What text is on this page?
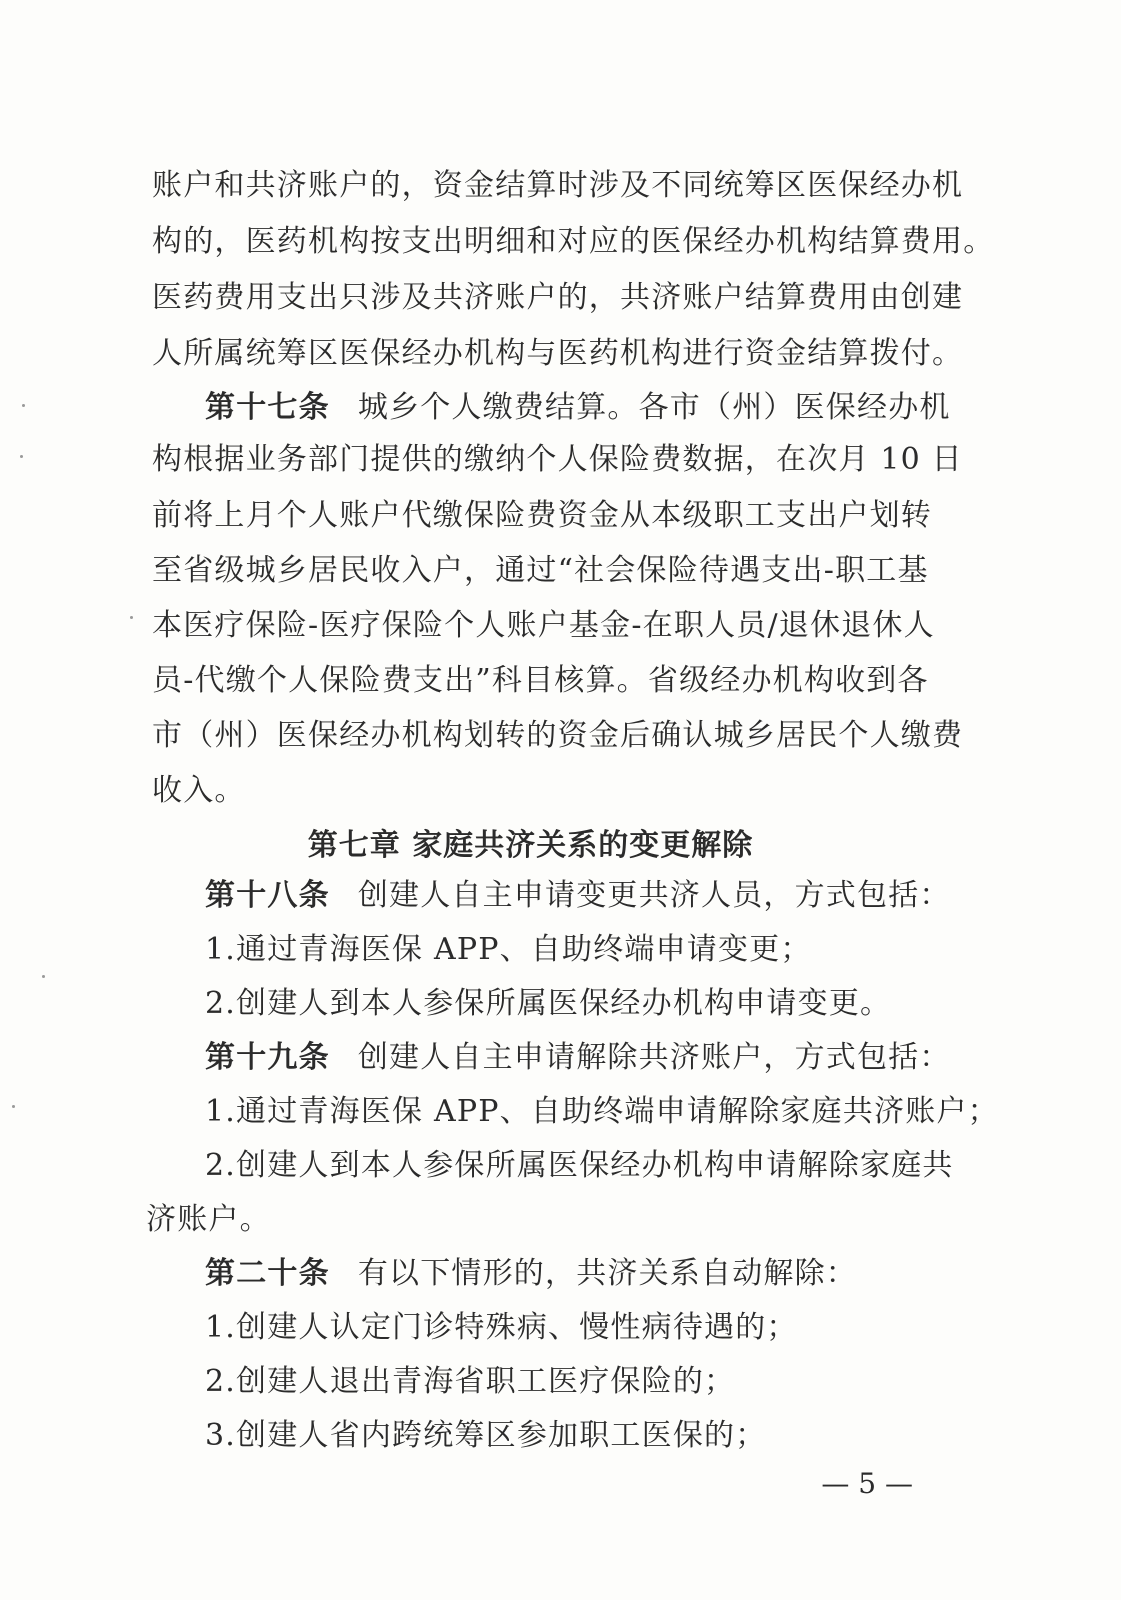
账户和共济账户的，资金结算时涉及不同统筹区医保经办机
构的，医药机构按支出明细和对应的医保经办机构结算费用。
医药费用支出只涉及共济账户的，共济账户结算费用由创建
人所属统筹区医保经办机构与医药机构进行资金结算拨付。
第十七条 城乡个人缴费结算。各市（州）医保经办机
构根据业务部门提供的缴纳个人保险费数据，在次月 10 日
前将上月个人账户代缴保险费资金从本级职工支出户划转
至省级城乡居民收入户，通过“社会保险待遇支出-职工基
本医疗保险-医疗保险个人账户基金-在职人员/退休退休人
员-代缴个人保险费支出”科目核算。省级经办机构收到各
市（州）医保经办机构划转的资金后确认城乡居民个人缴费
收入。
第七章 家庭共济关系的变更解除
第十八条 创建人自主申请变更共济人员，方式包括：
1.通过青海医保 APP、自助终端申请变更；
2.创建人到本人参保所属医保经办机构申请变更。
第十九条 创建人自主申请解除共济账户，方式包括：
1.通过青海医保 APP、自助终端申请解除家庭共济账户；
2.创建人到本人参保所属医保经办机构申请解除家庭共
济账户。
第二十条 有以下情形的，共济关系自动解除：
1.创建人认定门诊特殊病、慢性病待遇的；
2.创建人退出青海省职工医疗保险的；
3.创建人省内跨统筹区参加职工医保的；
— 5 —
